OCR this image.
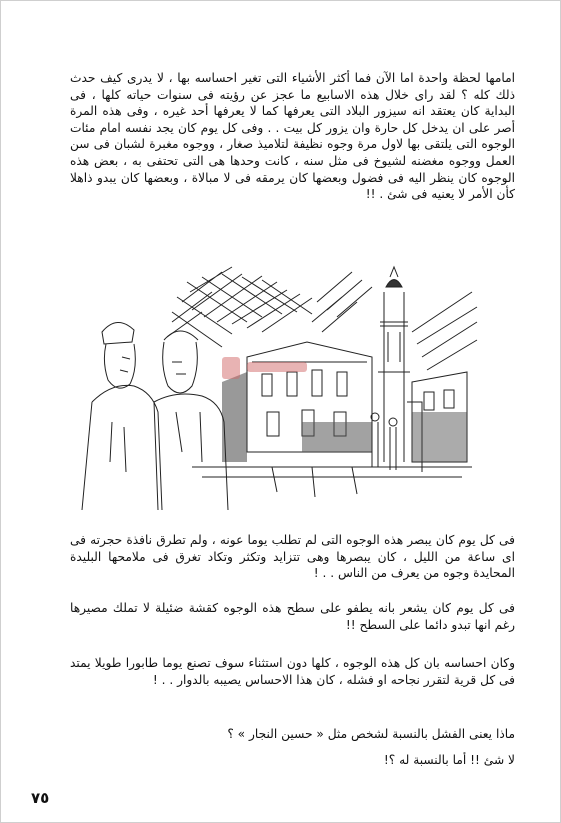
امامها لحظة واحدة اما الآن فما أكثر الأشياء التى تغير احساسه بها ، لا يدرى كيف حدث ذلك كله ؟ لقد راى خلال هذه الاسابيع ما عجز عن رؤيته فى سنوات حياته كلها ، فى البداية كان يعتقد انه سيزور البلاد التى يعرفها كما لا يعرفها أحد غيره ، وفى هذه المرة أصر على ان يدخل كل حارة وان يزور كل بيت . . وفى كل يوم كان يجد نفسه امام مئات الوجوه التى يلتقى بها لاول مرة وجوه نظيفة لتلاميذ صغار ، ووجوه مغبرة لشبان فى سن العمل ووجوه مغضنه لشيوخ فى مثل سنه ، كانت وحدها هى التى تحتفى به ، بعض هذه الوجوه كان ينظر اليه فى فضول وبعضها كان يرمقه فى لا مبالاة ، وبعضها كان يبدو ذاهلا كأن الأمر لا يعنيه فى شئ . !!

فى كل يوم كان يبصر هذه الوجوه التى لم تطلب يوما عونه ، ولم تطرق نافذة حجرته فى اى ساعة من الليل ، كان يبصرها وهى تتزايد وتكثر وتكاد تغرق فى ملامحها البليدة المحايدة وجوه من يعرف من الناس . . !

فى كل يوم كان يشعر بانه يطفو على سطح هذه الوجوه كقشة ضئيلة لا تملك مصيرها رغم انها تبدو دائما على السطح !!

وكان احساسه بان كل هذه الوجوه ، كلها دون استثناء سوف تصنع يوما طابورا طويلا يمتد فى كل قرية لتقرر نجاحه او فشله ، كان هذا الاحساس يصيبه بالدوار . . !

ماذا يعنى الفشل بالنسبة لشخص مثل « حسين النجار » ؟

لا شئ !! أما بالنسبة له ؟!

٧٥
